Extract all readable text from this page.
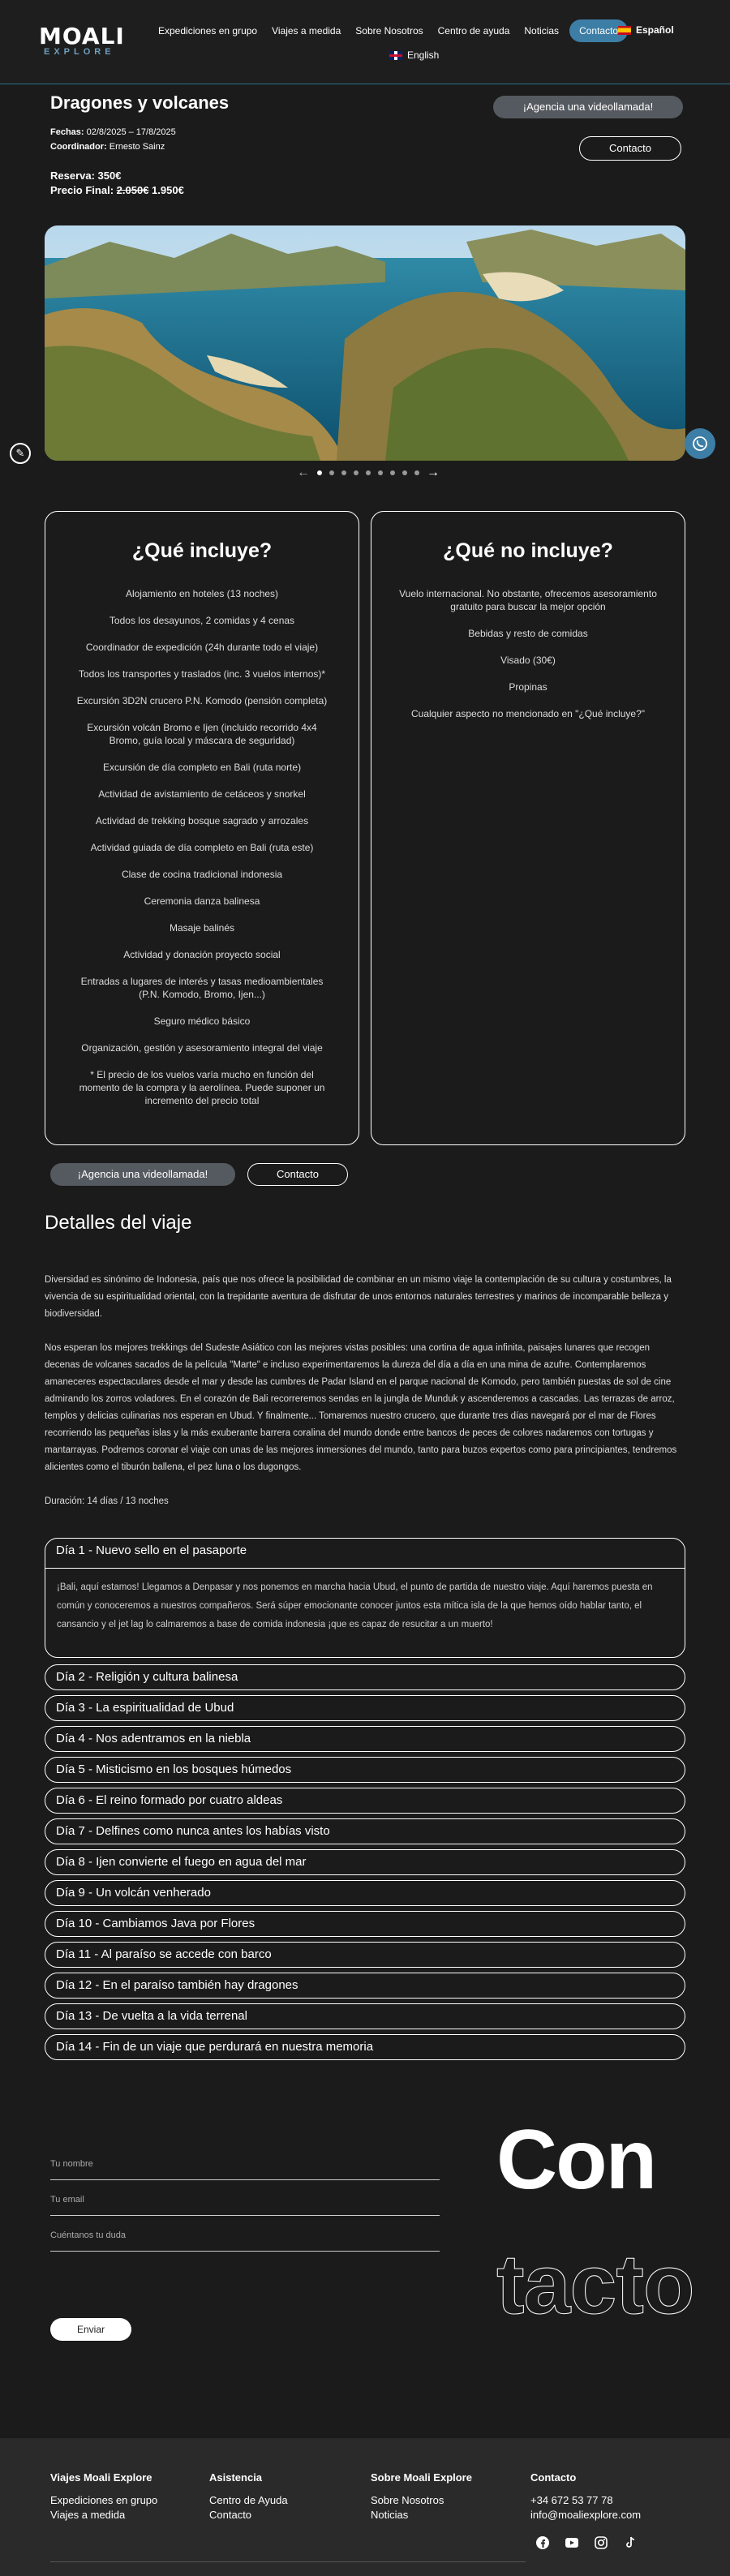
MOALI
EXPLORE
Expediciones en grupo	Viajes a medida	Sobre Nosotros	Centro de ayuda	Noticias	Contacto	Español
English
Dragones y volcanes
Fechas: 02/8/2025 – 17/8/2025
Coordinador: Ernesto Sainz
Reserva: 350€
Precio Final: 2.050€ 1.950€
¡Agencia una videollamada!
Contacto
←	→
✎
¿Qué incluye?
Alojamiento en hoteles (13 noches)
Todos los desayunos, 2 comidas y 4 cenas
Coordinador de expedición (24h durante todo el viaje)
Todos los transportes y traslados (inc. 3 vuelos internos)*
Excursión 3D2N crucero P.N. Komodo (pensión completa)
Excursión volcán Bromo e Ijen (incluido recorrido 4x4 Bromo, guía local y máscara de seguridad)
Excursión de día completo en Bali (ruta norte)
Actividad de avistamiento de cetáceos y snorkel
Actividad de trekking bosque sagrado y arrozales
Actividad guiada de día completo en Bali (ruta este)
Clase de cocina tradicional indonesia
Ceremonia danza balinesa
Masaje balinés
Actividad y donación proyecto social
Entradas a lugares de interés y tasas medioambientales (P.N. Komodo, Bromo, Ijen...)
Seguro médico básico
Organización, gestión y asesoramiento integral del viaje
* El precio de los vuelos varía mucho en función del momento de la compra y la aerolínea. Puede suponer un incremento del precio total
¿Qué no incluye?
Vuelo internacional. No obstante, ofrecemos asesoramiento gratuito para buscar la mejor opción
Bebidas y resto de comidas
Visado (30€)
Propinas
Cualquier aspecto no mencionado en "¿Qué incluye?"
¡Agencia una videollamada!	Contacto
Detalles del viaje

Diversidad es sinónimo de Indonesia, país que nos ofrece la posibilidad de combinar en un mismo viaje la contemplación de su cultura y costumbres, la vivencia de su espiritualidad oriental, con la trepidante aventura de disfrutar de unos entornos naturales terrestres y marinos de incomparable belleza y biodiversidad.

Nos esperan los mejores trekkings del Sudeste Asiático con las mejores vistas posibles: una cortina de agua infinita, paisajes lunares que recogen decenas de volcanes sacados de la película "Marte" e incluso experimentaremos la dureza del día a día en una mina de azufre. Contemplaremos amaneceres espectaculares desde el mar y desde las cumbres de Padar Island en el parque nacional de Komodo, pero también puestas de sol de cine admirando los zorros voladores. En el corazón de Bali recorreremos sendas en la jungla de Munduk y ascenderemos a cascadas. Las terrazas de arroz, templos y delicias culinarias nos esperan en Ubud. Y finalmente... Tomaremos nuestro crucero, que durante tres días navegará por el mar de Flores recorriendo las pequeñas islas y la más exuberante barrera coralina del mundo donde entre bancos de peces de colores nadaremos con tortugas y mantarrayas. Podremos coronar el viaje con unas de las mejores inmersiones del mundo, tanto para buzos expertos como para principiantes, tendremos alicientes como el tiburón ballena, el pez luna o los dugongos.

Duración: 14 días / 13 noches

Día 1 - Nuevo sello en el pasaporte
¡Bali, aquí estamos! Llegamos a Denpasar y nos ponemos en marcha hacia Ubud, el punto de partida de nuestro viaje. Aquí haremos puesta en común y conoceremos a nuestros compañeros. Será súper emocionante conocer juntos esta mítica isla de la que hemos oído hablar tanto, el cansancio y el jet lag lo calmaremos a base de comida indonesia ¡que es capaz de resucitar a un muerto!
Día 2 - Religión y cultura balinesa
Día 3 - La espiritualidad de Ubud
Día 4 - Nos adentramos en la niebla
Día 5 - Misticismo en los bosques húmedos
Día 6 - El reino formado por cuatro aldeas
Día 7 - Delfines como nunca antes los habías visto
Día 8 - Ijen convierte el fuego en agua del mar
Día 9 - Un volcán venherado
Día 10 - Cambiamos Java por Flores
Día 11 - Al paraíso se accede con barco
Día 12 - En el paraíso también hay dragones
Día 13 - De vuelta a la vida terrenal
Día 14 - Fin de un viaje que perdurará en nuestra memoria
Tu nombre
Tu email
Cuéntanos tu duda
Enviar
Con
tacto
Viajes Moali Explore
Expediciones en grupo
Viajes a medida
Asistencia
Centro de Ayuda
Contacto
Sobre Moali Explore
Sobre Nosotros
Noticias
Contacto
+34 672 53 77 78
info@moaliexplore.com
